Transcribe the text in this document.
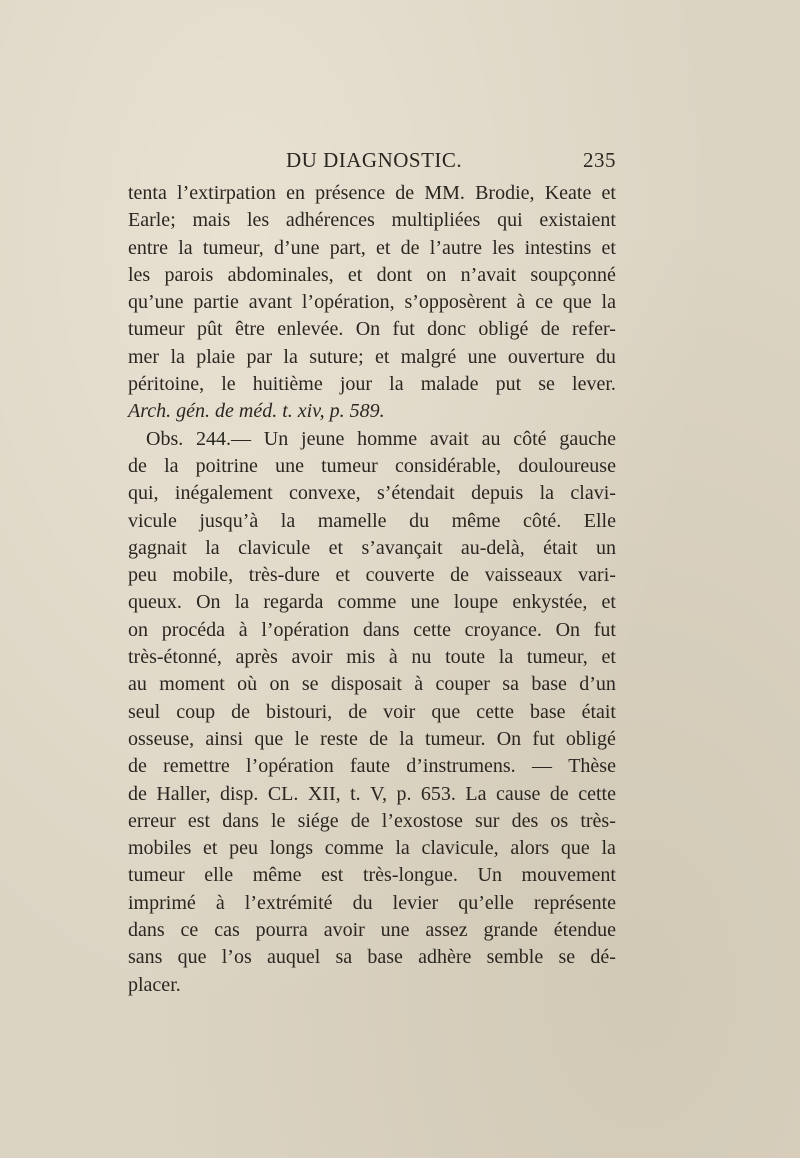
DU DIAGNOSTIC.	235
tenta l’extirpation en présence de MM. Brodie, Keate et
Earle; mais les adhérences multipliées qui existaient
entre la tumeur, d’une part, et de l’autre les intestins et
les parois abdominales, et dont on n’avait soupçonné
qu’une partie avant l’opération, s’opposèrent à ce que la
tumeur pût être enlevée. On fut donc obligé de refer-
mer la plaie par la suture; et malgré une ouverture du
péritoine, le huitième jour la malade put se lever.
Arch. gén. de méd. t. xiv, p. 589.
Obs. 244.— Un jeune homme avait au côté gauche
de la poitrine une tumeur considérable, douloureuse
qui, inégalement convexe, s’étendait depuis la clavi-
vicule jusqu’à la mamelle du même côté. Elle
gagnait la clavicule et s’avançait au-delà, était un
peu mobile, très-dure et couverte de vaisseaux vari-
queux. On la regarda comme une loupe enkystée, et
on procéda à l’opération dans cette croyance. On fut
très-étonné, après avoir mis à nu toute la tumeur, et
au moment où on se disposait à couper sa base d’un
seul coup de bistouri, de voir que cette base était
osseuse, ainsi que le reste de la tumeur. On fut obligé
de remettre l’opération faute d’instrumens. — Thèse
de Haller, disp. CL. XII, t. V, p. 653. La cause de cette
erreur est dans le siége de l’exostose sur des os très-
mobiles et peu longs comme la clavicule, alors que la
tumeur elle même est très-longue. Un mouvement
imprimé à l’extrémité du levier qu’elle représente
dans ce cas pourra avoir une assez grande étendue
sans que l’os auquel sa base adhère semble se dé-
placer.
